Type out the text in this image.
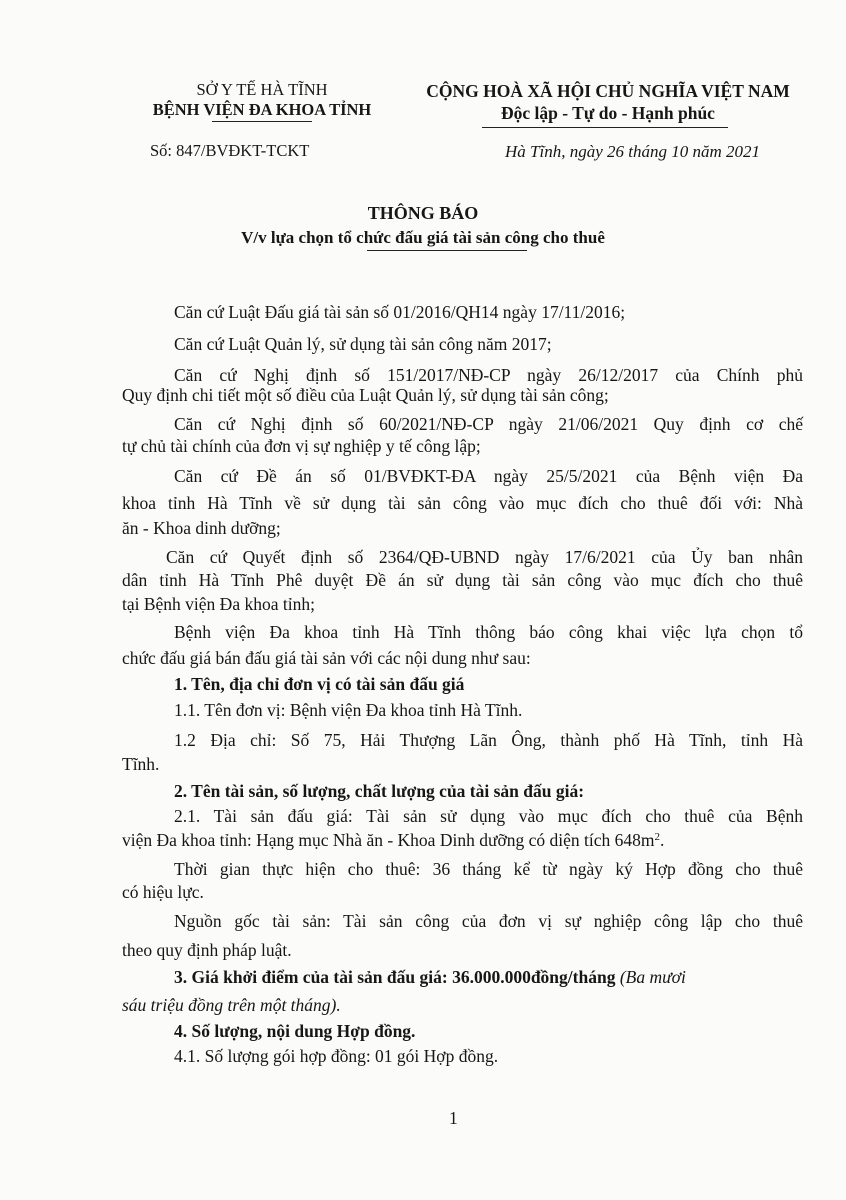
SỞ Y TẾ HÀ TĨNH
BỆNH VIỆN ĐA KHOA TỈNH
Số: 847/BVĐKT-TCKT
CỘNG HOÀ XÃ HỘI CHỦ NGHĨA VIỆT NAM
Độc lập - Tự do - Hạnh phúc
Hà Tĩnh, ngày 26 tháng 10 năm 2021
THÔNG BÁO
V/v lựa chọn tổ chức đấu giá tài sản công cho thuê
Căn cứ Luật Đấu giá tài sản số 01/2016/QH14 ngày 17/11/2016;
Căn cứ Luật Quản lý, sử dụng tài sản công năm 2017;
Căn cứ Nghị định số 151/2017/NĐ-CP ngày 26/12/2017 của Chính phủ
Quy định chi tiết một số điều của Luật Quản lý, sử dụng tài sản công;
Căn cứ Nghị định số 60/2021/NĐ-CP ngày 21/06/2021 Quy định cơ chế
tự chủ tài chính của đơn vị sự nghiệp y tế công lập;
Căn cứ Đề án số 01/BVĐKT-ĐA ngày 25/5/2021 của Bệnh viện Đa
khoa tỉnh Hà Tĩnh về sử dụng tài sản công vào mục đích cho thuê đối với: Nhà
ăn - Khoa dinh dưỡng;
Căn cứ Quyết định số 2364/QĐ-UBND ngày 17/6/2021 của Ủy ban nhân
dân tỉnh Hà Tĩnh Phê duyệt Đề án sử dụng tài sản công vào mục đích cho thuê
tại Bệnh viện Đa khoa tỉnh;
Bệnh viện Đa khoa tỉnh Hà Tĩnh thông báo công khai việc lựa chọn tổ
chức đấu giá bán đấu giá tài sản với các nội dung như sau:
1. Tên, địa chỉ đơn vị có tài sản đấu giá
1.1. Tên đơn vị: Bệnh viện Đa khoa tỉnh Hà Tĩnh.
1.2 Địa chỉ: Số 75, Hải Thượng Lãn Ông, thành phố Hà Tĩnh, tỉnh Hà
Tĩnh.
2. Tên tài sản, số lượng, chất lượng của tài sản đấu giá:
2.1. Tài sản đấu giá: Tài sản sử dụng vào mục đích cho thuê của Bệnh
viện Đa khoa tỉnh: Hạng mục Nhà ăn - Khoa Dinh dưỡng có diện tích $648m^2$.
Thời gian thực hiện cho thuê: 36 tháng kể từ ngày ký Hợp đồng cho thuê
có hiệu lực.
Nguồn gốc tài sản: Tài sản công của đơn vị sự nghiệp công lập cho thuê
theo quy định pháp luật.
3. Giá khởi điểm của tài sản đấu giá: 36.000.000đồng/tháng (Ba mươi
sáu triệu đồng trên một tháng).
4. Số lượng, nội dung Hợp đồng.
4.1. Số lượng gói hợp đồng: 01 gói Hợp đồng.
1
